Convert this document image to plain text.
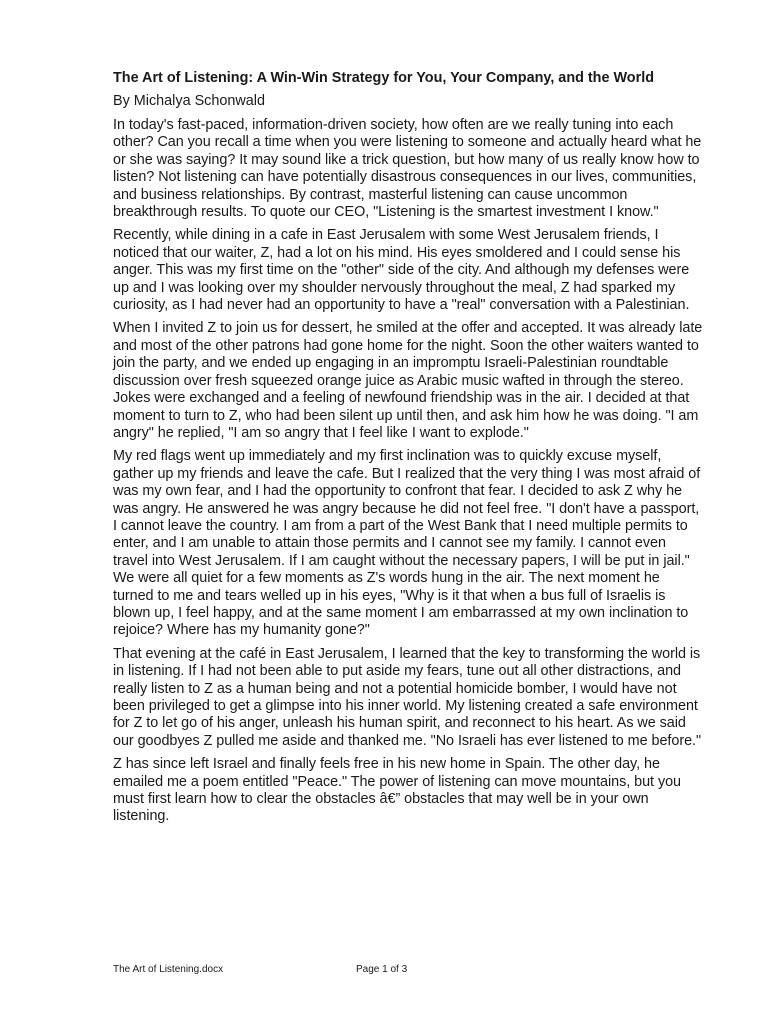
The Art of Listening: A Win-Win Strategy for You, Your Company, and the World

By Michalya Schonwald

In today's fast-paced, information-driven society, how often are we really tuning into each other? Can you recall a time when you were listening to someone and actually heard what he or she was saying? It may sound like a trick question, but how many of us really know how to listen? Not listening can have potentially disastrous consequences in our lives, communities, and business relationships. By contrast, masterful listening can cause uncommon breakthrough results. To quote our CEO, "Listening is the smartest investment I know."

Recently, while dining in a cafe in East Jerusalem with some West Jerusalem friends, I noticed that our waiter, Z, had a lot on his mind. His eyes smoldered and I could sense his anger. This was my first time on the "other" side of the city. And although my defenses were up and I was looking over my shoulder nervously throughout the meal, Z had sparked my curiosity, as I had never had an opportunity to have a "real" conversation with a Palestinian.

When I invited Z to join us for dessert, he smiled at the offer and accepted. It was already late and most of the other patrons had gone home for the night. Soon the other waiters wanted to join the party, and we ended up engaging in an impromptu Israeli-Palestinian roundtable discussion over fresh squeezed orange juice as Arabic music wafted in through the stereo. Jokes were exchanged and a feeling of newfound friendship was in the air. I decided at that moment to turn to Z, who had been silent up until then, and ask him how he was doing. "I am angry" he replied, "I am so angry that I feel like I want to explode."

My red flags went up immediately and my first inclination was to quickly excuse myself, gather up my friends and leave the cafe. But I realized that the very thing I was most afraid of was my own fear, and I had the opportunity to confront that fear. I decided to ask Z why he was angry. He answered he was angry because he did not feel free. "I don't have a passport, I cannot leave the country. I am from a part of the West Bank that I need multiple permits to enter, and I am unable to attain those permits and I cannot see my family. I cannot even travel into West Jerusalem. If I am caught without the necessary papers, I will be put in jail." We were all quiet for a few moments as Z's words hung in the air. The next moment he turned to me and tears welled up in his eyes, "Why is it that when a bus full of Israelis is blown up, I feel happy, and at the same moment I am embarrassed at my own inclination to rejoice? Where has my humanity gone?"

That evening at the café in East Jerusalem, I learned that the key to transforming the world is in listening. If I had not been able to put aside my fears, tune out all other distractions, and really listen to Z as a human being and not a potential homicide bomber, I would have not been privileged to get a glimpse into his inner world. My listening created a safe environment for Z to let go of his anger, unleash his human spirit, and reconnect to his heart. As we said our goodbyes Z pulled me aside and thanked me. "No Israeli has ever listened to me before."

Z has since left Israel and finally feels free in his new home in Spain. The other day, he emailed me a poem entitled "Peace." The power of listening can move mountains, but you must first learn how to clear the obstacles â€” obstacles that may well be in your own listening.

The Art of Listening.docx	Page 1 of 3
